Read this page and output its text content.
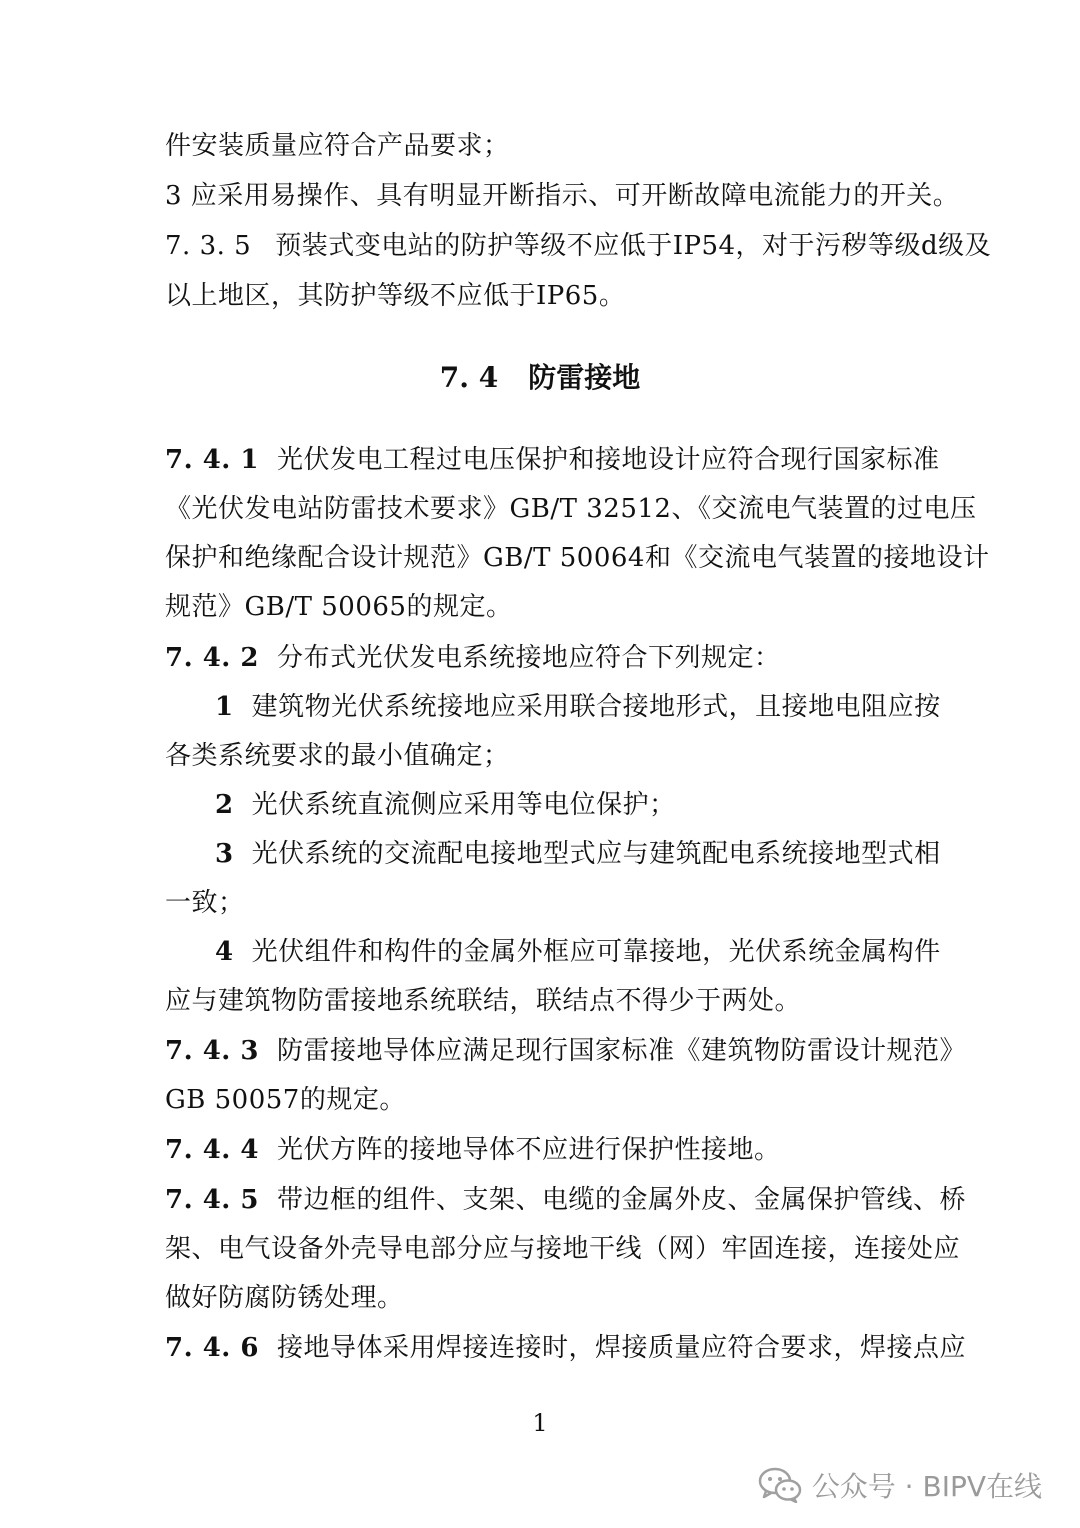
件安装质量应符合产品要求；
3 应采用易操作、具有明显开断指示、可开断故障电流能力的开关。
7. 3. 5 预装式变电站的防护等级不应低于IP54，对于污秽等级d级及
以上地区，其防护等级不应低于IP65。
7. 4 防雷接地
7. 4. 1 光伏发电工程过电压保护和接地设计应符合现行国家标准
《光伏发电站防雷技术要求》GB/T 32512、《交流电气装置的过电压
保护和绝缘配合设计规范》GB/T 50064和《交流电气装置的接地设计
规范》GB/T 50065的规定。
7. 4. 2 分布式光伏发电系统接地应符合下列规定：
1 建筑物光伏系统接地应采用联合接地形式，且接地电阻应按
各类系统要求的最小值确定；
2 光伏系统直流侧应采用等电位保护；
3 光伏系统的交流配电接地型式应与建筑配电系统接地型式相
一致；
4 光伏组件和构件的金属外框应可靠接地，光伏系统金属构件
应与建筑物防雷接地系统联结，联结点不得少于两处。
7. 4. 3 防雷接地导体应满足现行国家标准《建筑物防雷设计规范》
GB 50057的规定。
7. 4. 4 光伏方阵的接地导体不应进行保护性接地。
7. 4. 5 带边框的组件、支架、电缆的金属外皮、金属保护管线、桥
架、电气设备外壳导电部分应与接地干线（网）牢固连接，连接处应
做好防腐防锈处理。
7. 4. 6 接地导体采用焊接连接时，焊接质量应符合要求，焊接点应
1
公众号 · BIPV在线
